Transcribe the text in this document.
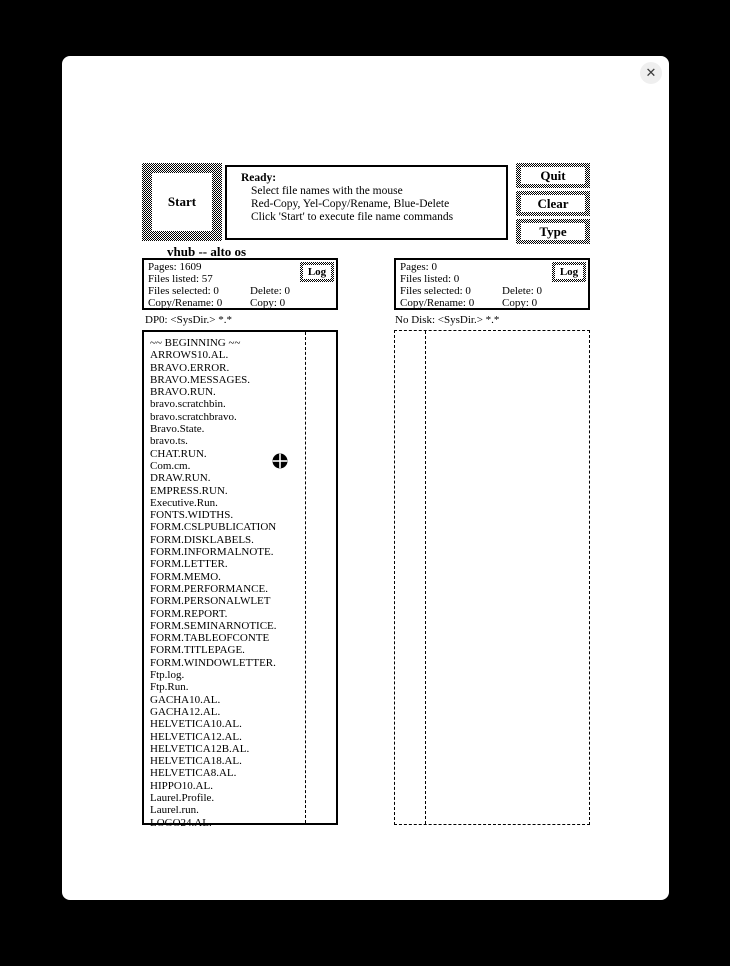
Start
Ready:
Select file names with the mouse
Red-Copy, Yel-Copy/Rename, Blue-Delete
Click 'Start' to execute file name commands
Quit
Clear
Type
vhub -- alto os
Pages: 1609
Files listed: 57
Files selected: 0	Delete: 0
Copy/Rename: 0	Copy: 0
Log	Pages: 0
Files listed: 0
Files selected: 0	Delete: 0
Copy/Rename: 0	Copy: 0
Log
DP0: <SysDir.> *.*	No Disk: <SysDir.> *.*
~~ BEGINNING ~~
ARROWS10.AL.
BRAVO.ERROR.
BRAVO.MESSAGES.
BRAVO.RUN.
bravo.scratchbin.
bravo.scratchbravo.
Bravo.State.
bravo.ts.
CHAT.RUN.
Com.cm.
DRAW.RUN.
EMPRESS.RUN.
Executive.Run.
FONTS.WIDTHS.
FORM.CSLPUBLICATION
FORM.DISKLABELS.
FORM.INFORMALNOTE.
FORM.LETTER.
FORM.MEMO.
FORM.PERFORMANCE.
FORM.PERSONALWLET
FORM.REPORT.
FORM.SEMINARNOTICE.
FORM.TABLEOFCONTE
FORM.TITLEPAGE.
FORM.WINDOWLETTER.
Ftp.log.
Ftp.Run.
GACHA10.AL.
GACHA12.AL.
HELVETICA10.AL.
HELVETICA12.AL.
HELVETICA12B.AL.
HELVETICA18.AL.
HELVETICA8.AL.
HIPPO10.AL.
Laurel.Profile.
Laurel.run.
LOGO24.AL.
✕
